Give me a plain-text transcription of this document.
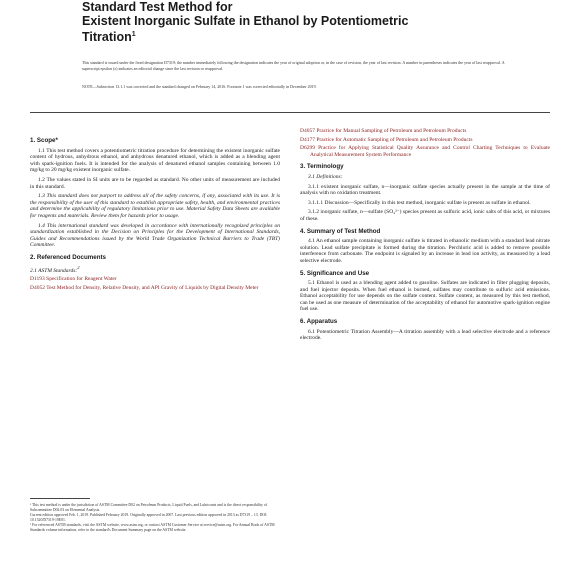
Standard Test Method for
Existent Inorganic Sulfate in Ethanol by Potentiometric
Titration$^1$
This standard is issued under the fixed designation D7319; the number immediately following the designation indicates the year of original adoption or, in the case of revision, the year of last revision. A number in parentheses indicates the year of last reapproval. A superscript epsilon (ε) indicates an editorial change since the last revision or reapproval.
NOTE—Subsection 13.1.1 was corrected and the standard changed on February 14, 2016. Footnote 1 was corrected editorially in December 2019.
1. Scope*

1.1 This test method covers a potentiometric titration procedure for determining the existent inorganic sulfate content of hydrous, anhydrous ethanol, and anhydrous denatured ethanol, which is added as a blending agent with spark-ignition fuels. It is intended for the analysis of denatured ethanol samples containing between 1.0 mg/kg to 20 mg/kg existent inorganic sulfate.

1.2 The values stated in SI units are to be regarded as standard. No other units of measurement are included in this standard.

1.3 This standard does not purport to address all of the safety concerns, if any, associated with its use. It is the responsibility of the user of this standard to establish appropriate safety, health, and environmental practices and determine the applicability of regulatory limitations prior to use. Material Safety Data Sheets are available for reagents and materials. Review them for hazards prior to usage.

1.4 This international standard was developed in accordance with internationally recognized principles on standardization established in the Decision on Principles for the Development of International Standards, Guides and Recommendations issued by the World Trade Organization Technical Barriers to Trade (TBT) Committee.

2. Referenced Documents
2.1 ASTM Standards:$^2$
D1193 Specification for Reagent Water
D4052 Test Method for Density, Relative Density, and API Gravity of Liquids by Digital Density Meter
D4057 Practice for Manual Sampling of Petroleum and Petroleum Products
D4177 Practice for Automatic Sampling of Petroleum and Petroleum Products
D6299 Practice for Applying Statistical Quality Assurance and Control Charting Techniques to Evaluate Analytical Measurement System Performance
3. Terminology

3.1 Definitions:

3.1.1 existent inorganic sulfate, n—inorganic sulfate species actually present in the sample at the time of analysis with no oxidation treatment.

3.1.1.1 Discussion—Specifically in this test method, inorganic sulfate is present as sulfate in ethanol.

3.1.2 inorganic sulfate, n—sulfate (SO₄²⁻) species present as sulfuric acid, ionic salts of this acid, or mixtures of these.

4. Summary of Test Method

4.1 An ethanol sample containing inorganic sulfate is titrated in ethanolic medium with a standard lead nitrate solution. Lead sulfate precipitate is formed during the titration. Perchloric acid is added to remove possible interference from carbonate. The endpoint is signaled by an increase in lead ion activity, as measured by a lead selective electrode.

5. Significance and Use

5.1 Ethanol is used as a blending agent added to gasoline. Sulfates are indicated in filter plugging deposits, and fuel injector deposits. When fuel ethanol is burned, sulfates may contribute to sulfuric acid emissions. Ethanol acceptability for use depends on the sulfate content. Sulfate content, as measured by this test method, can be used as one measure of determination of the acceptability of ethanol for automotive spark-ignition engine fuel use.

6. Apparatus

6.1 Potentiometric Titration Assembly—A titration assembly with a lead selective electrode and a reference electrode.

¹ This test method is under the jurisdiction of ASTM Committee D02 on Petroleum Products, Liquid Fuels, and Lubricants and is the direct responsibility of Subcommittee D02.03 on Elemental Analysis.
Current edition approved Feb. 1, 2019. Published February 2019. Originally approved in 2007. Last previous edition approved in 2013 as D7319 – 13. DOI: 10.1520/D7319-19E01.
² For referenced ASTM standards, visit the ASTM website, www.astm.org, or contact ASTM Customer Service at service@astm.org. For Annual Book of ASTM Standards volume information, refer to the standard's Document Summary page on the ASTM website.
